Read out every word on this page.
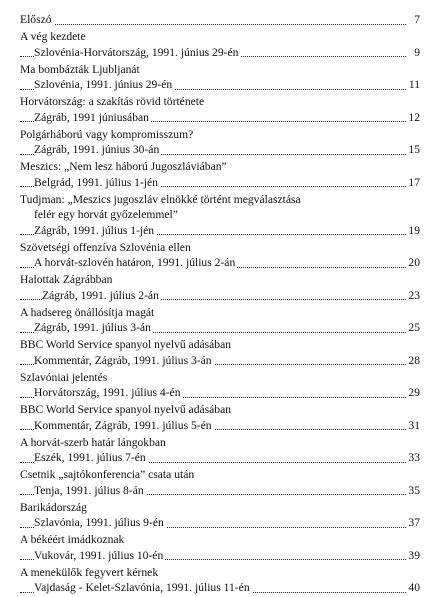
Előszó	7
A vég kezdete
Szlovénia-Horvátország, 1991. június 29-én	9
Ma bombázták Ljubljanát
Szlovénia, 1991. június 29-én	11
Horvátország: a szakítás rövid története
Zágráb, 1991 júniusában	12
Polgárháború vagy kompromisszum?
Zágráb, 1991. június 30-án	15
Meszics: „Nem lesz háború Jugoszláviában”
Belgrád, 1991. július 1-jén	17
Tudjman: „Meszics jugoszláv elnökké történt megválasztása
felér egy horvát győzelemmel”
Zágráb, 1991. július 1-jén	19
Szövetségi offenzíva Szlovénia ellen
A horvát-szlovén határon, 1991. július 2-án	20
Halottak Zágrábban
Zágráb, 1991. július 2-án	23
A hadsereg önállósítja magát
Zágráb, 1991. július 3-án	25
BBC World Service spanyol nyelvű adásában
Kommentár, Zágráb, 1991. július 3-án	28
Szlavóniai jelentés
Horvátország, 1991. július 4-én	29
BBC World Service spanyol nyelvű adásában
Kommentár, Zágráb, 1991. július 5-én	31
A horvát-szerb határ lángokban
Eszék, 1991. július 7-én	33
Csetnik „sajtókonferencia” csata után
Tenja, 1991. július 8-án	35
Barikádország
Szlavónia, 1991. július 9-én	37
A békéért imádkoznak
Vukovár, 1991. július 10-én	39
A menekülők fegyvert kérnek
Vajdaság - Kelet-Szlavónia, 1991. július 11-én	40
